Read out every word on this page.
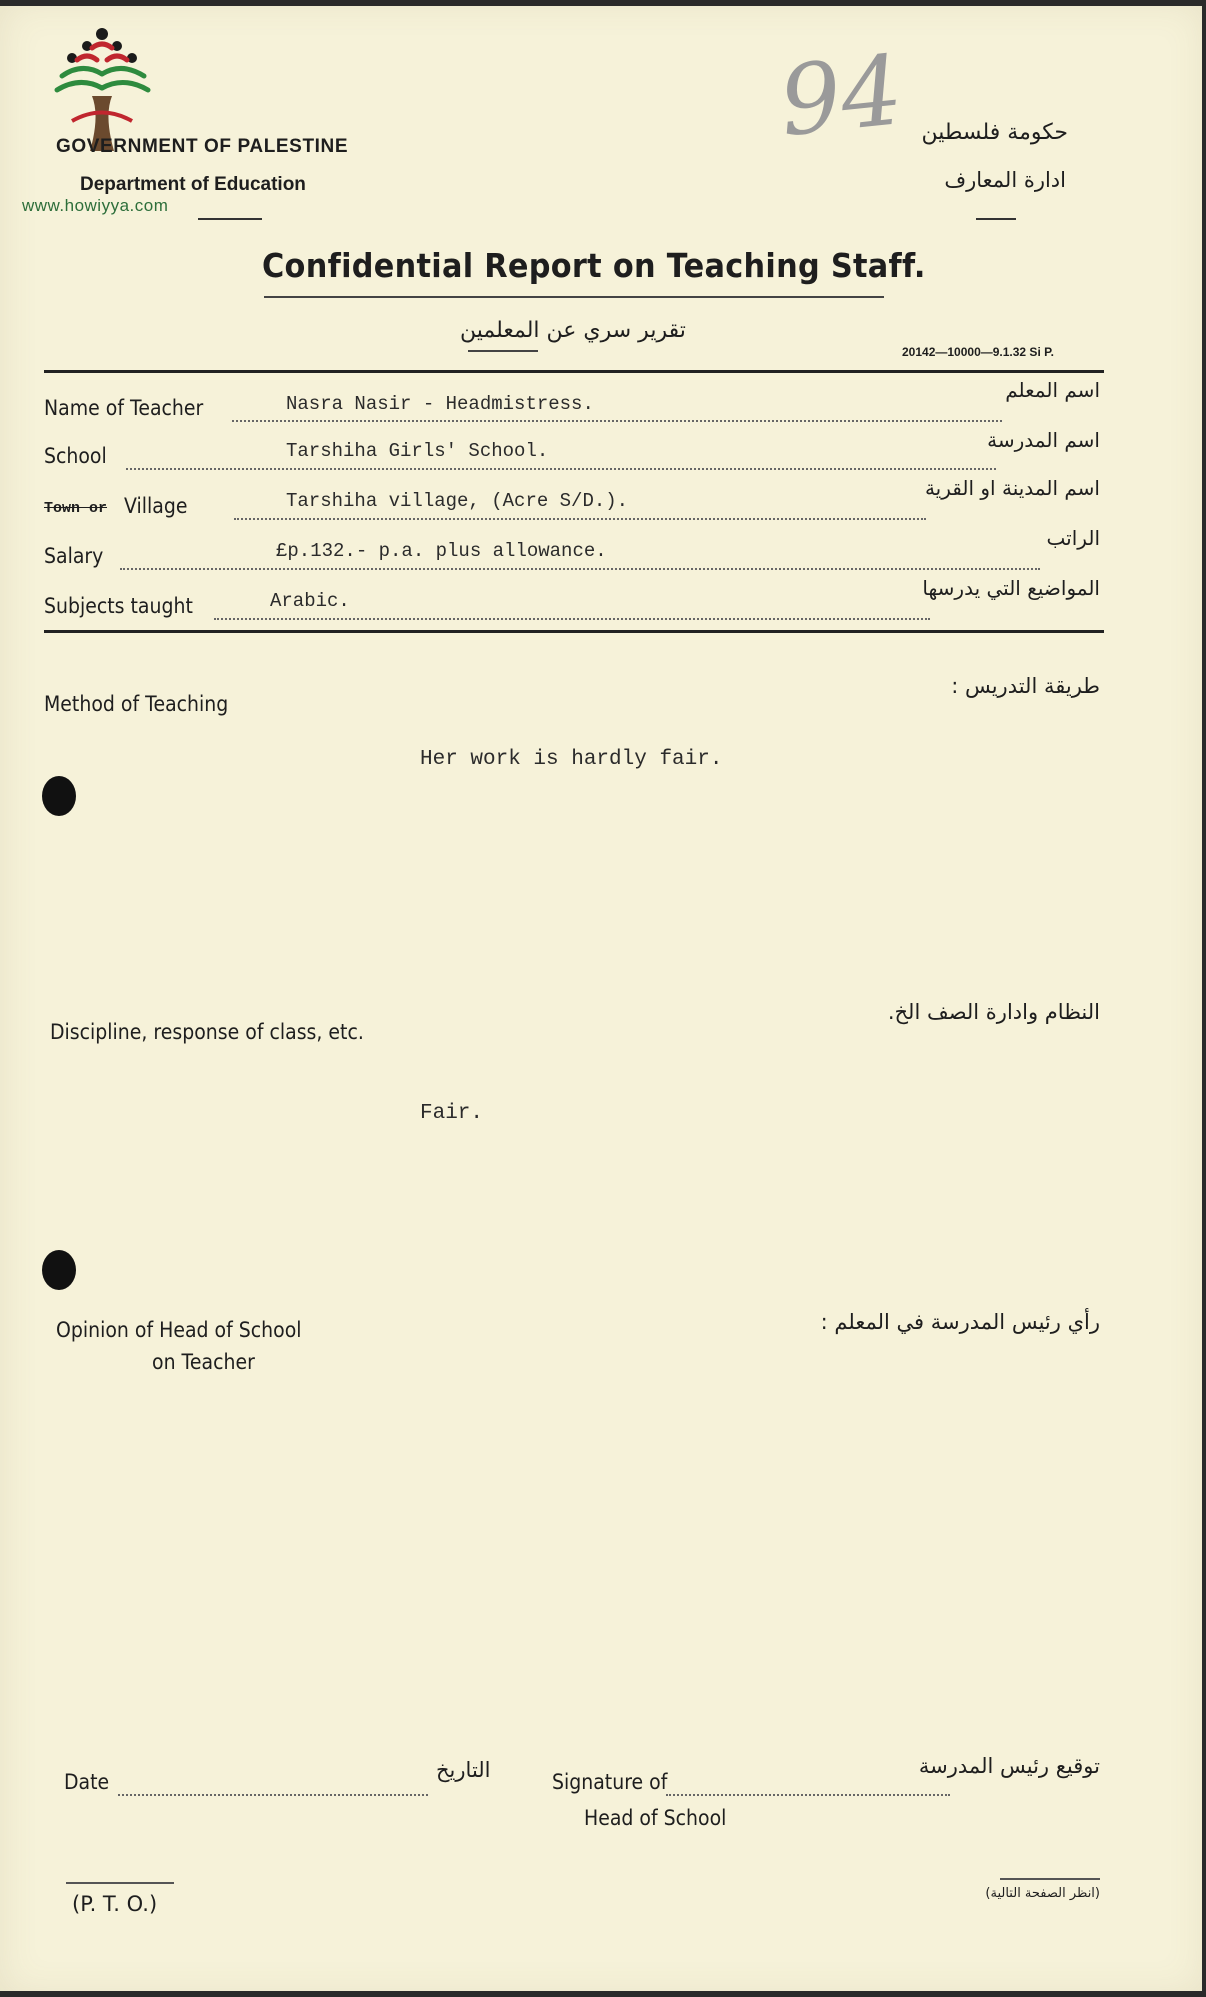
www.howiyya.com
GOVERNMENT OF PALESTINE
Department of Education
حكومة فلسطين
ادارة المعارف
94
Confidential Report on Teaching Staff.
تقرير سري عن المعلمين
20142—10000—9.1.32 Si P.
Name of Teacher	Nasra Nasir - Headmistress.
اسم المعلم
School	Tarshiha Girls' School.	اسم المدرسة
Town or Village	Tarshiha village, (Acre S/D.).
اسم المدينة او القرية
Salary	£p.132.- p.a. plus allowance.
الراتب
Subjects taught	Arabic.
المواضيع التي يدرسها
Method of Teaching
طريقة التدريس :
Her work is hardly fair.
Discipline, response of class, etc.
النظام وادارة الصف الخ.
Fair.
Opinion of Head of School
on Teacher
رأي رئيس المدرسة في المعلم :
Date	التاريخ	Signature of
Head of School
توقيع رئيس المدرسة
(P. T. O.)	(انظر الصفحة التالية)
